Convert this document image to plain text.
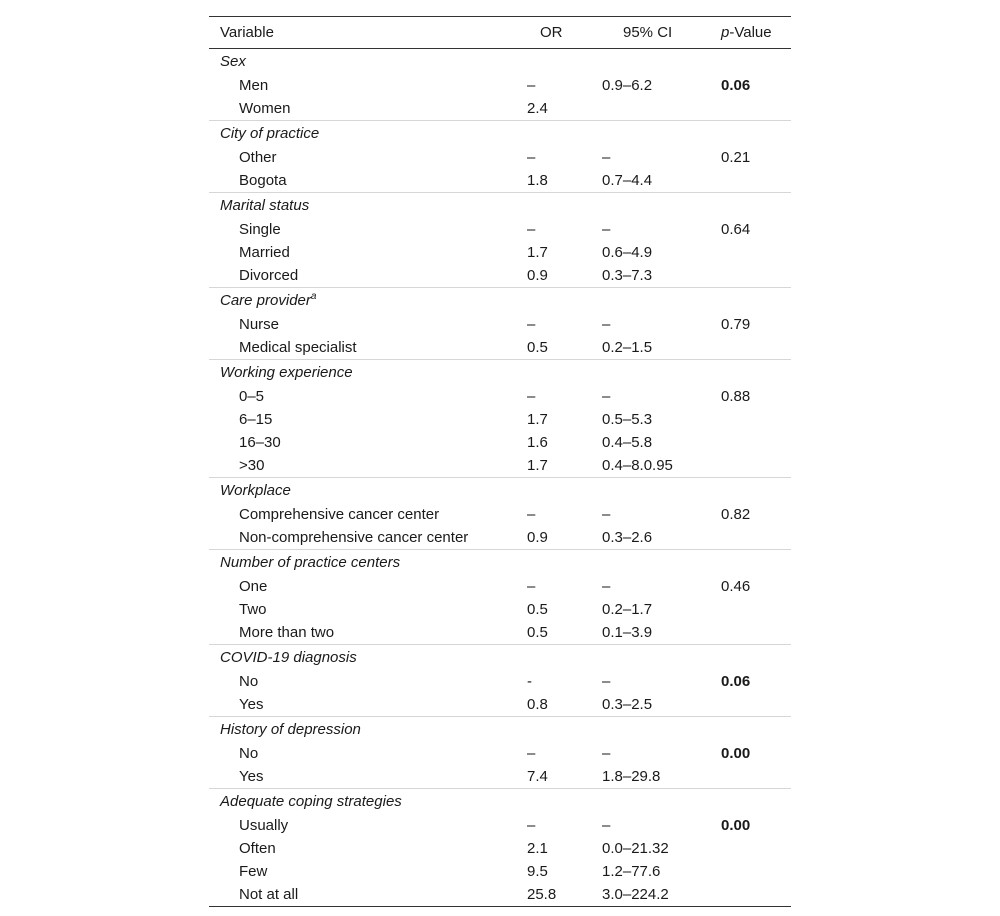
Variable	OR	95% CI	p-Value
Sex
Men	–	0.9–6.2	0.06
Women	2.4
City of practice
Other	–	–	0.21
Bogota	1.8	0.7–4.4
Marital status
Single	–	–	0.64
Married	1.7	0.6–4.9
Divorced	0.9	0.3–7.3
Care provider$^a$
Nurse	–	–	0.79
Medical specialist	0.5	0.2–1.5
Working experience
0–5	–	–	0.88
6–15	1.7	0.5–5.3
16–30	1.6	0.4–5.8
>30	1.7	0.4–8.0.95
Workplace
Comprehensive cancer center	–	–	0.82
Non-comprehensive cancer center	0.9	0.3–2.6
Number of practice centers
One	–	–	0.46
Two	0.5	0.2–1.7
More than two	0.5	0.1–3.9
COVID-19 diagnosis
No	-	–	0.06
Yes	0.8	0.3–2.5
History of depression
No	–	–	0.00
Yes	7.4	1.8–29.8
Adequate coping strategies
Usually	–	–	0.00
Often	2.1	0.0–21.32
Few	9.5	1.2–77.6
Not at all	25.8	3.0–224.2
